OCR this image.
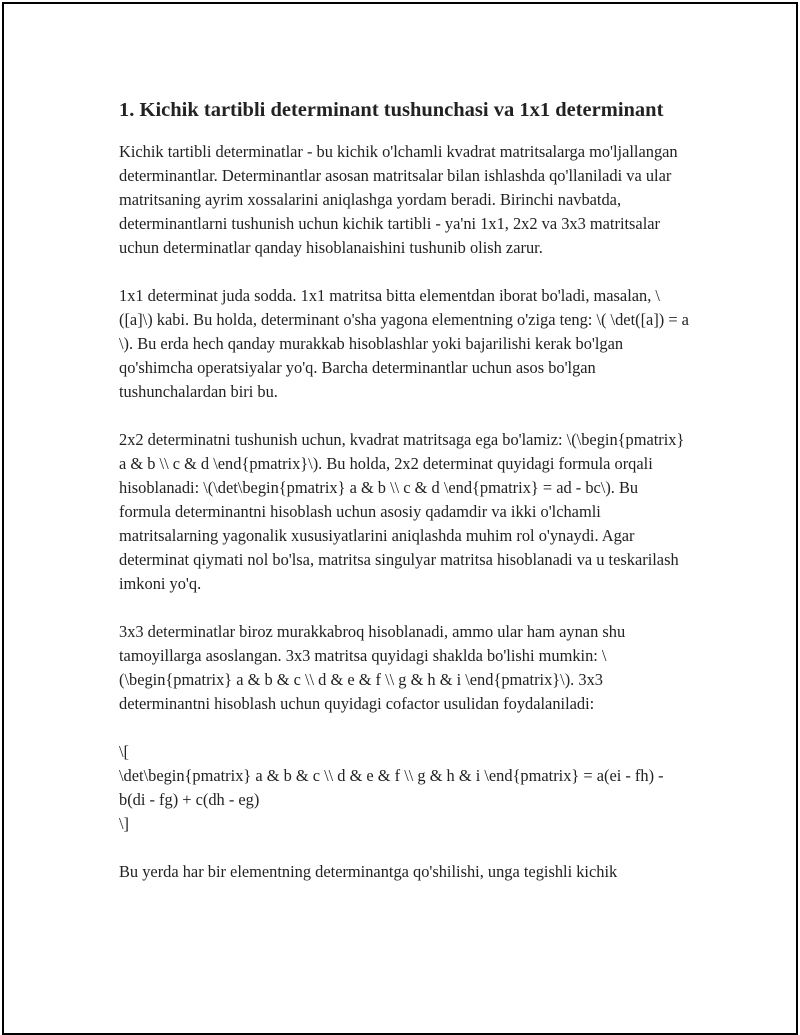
1. Kichik tartibli determinant tushunchasi va 1x1 determinant

Kichik tartibli determinatlar - bu kichik o'lchamli kvadrat matritsalarga mo'ljallangan determinantlar. Determinantlar asosan matritsalar bilan ishlashda qo'llaniladi va ular matritsaning ayrim xossalarini aniqlashga yordam beradi. Birinchi navbatda, determinantlarni tushunish uchun kichik tartibli - ya'ni 1x1, 2x2 va 3x3 matritsalar uchun determinatlar qanday hisoblanaishini tushunib olish zarur.

1x1 determinat juda sodda. 1x1 matritsa bitta elementdan iborat bo'ladi, masalan, \([a]\) kabi. Bu holda, determinant o'sha yagona elementning o'ziga teng: \( \det([a]) = a \). Bu erda hech qanday murakkab hisoblashlar yoki bajarilishi kerak bo'lgan qo'shimcha operatsiyalar yo'q. Barcha determinantlar uchun asos bo'lgan tushunchalardan biri bu.

2x2 determinatni tushunish uchun, kvadrat matritsaga ega bo'lamiz: \(\begin{pmatrix} a & b \\ c & d \end{pmatrix}\). Bu holda, 2x2 determinat quyidagi formula orqali hisoblanadi: \(\det\begin{pmatrix} a & b \\ c & d \end{pmatrix} = ad - bc\). Bu formula determinantni hisoblash uchun asosiy qadamdir va ikki o'lchamli matritsalarning yagonalik xususiyatlarini aniqlashda muhim rol o'ynaydi. Agar determinat qiymati nol bo'lsa, matritsa singulyar matritsa hisoblanadi va u teskarilash imkoni yo'q.

3x3 determinatlar biroz murakkabroq hisoblanadi, ammo ular ham aynan shu tamoyillarga asoslangan. 3x3 matritsa quyidagi shaklda bo'lishi mumkin: \(\begin{pmatrix} a & b & c \\ d & e & f \\ g & h & i \end{pmatrix}\). 3x3 determinantni hisoblash uchun quyidagi cofactor usulidan foydalaniladi:

\[
\det\begin{pmatrix} a & b & c \\ d & e & f \\ g & h & i \end{pmatrix} = a(ei - fh) - b(di - fg) + c(dh - eg)
\]

Bu yerda har bir elementning determinantga qo'shilishi, unga tegishli kichik
